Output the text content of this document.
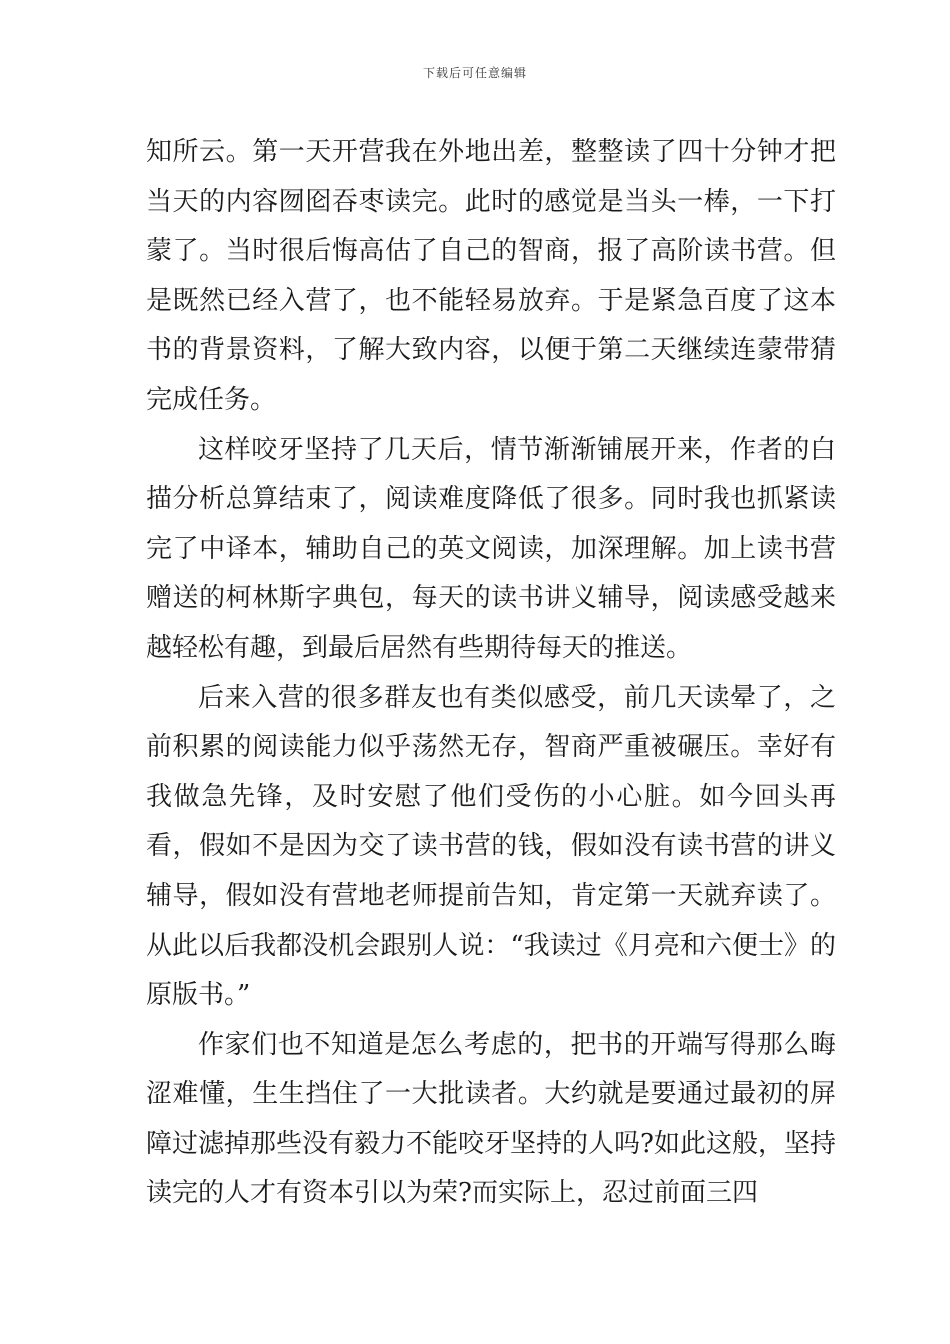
下载后可任意编辑

知所云。第一天开营我在外地出差，整整读了四十分钟才把当天的内容囫囵吞枣读完。此时的感觉是当头一棒，一下打蒙了。当时很后悔高估了自己的智商，报了高阶读书营。但是既然已经入营了，也不能轻易放弃。于是紧急百度了这本书的背景资料，了解大致内容，以便于第二天继续连蒙带猜完成任务。

这样咬牙坚持了几天后，情节渐渐铺展开来，作者的白描分析总算结束了，阅读难度降低了很多。同时我也抓紧读完了中译本，辅助自己的英文阅读，加深理解。加上读书营赠送的柯林斯字典包，每天的读书讲义辅导，阅读感受越来越轻松有趣，到最后居然有些期待每天的推送。

后来入营的很多群友也有类似感受，前几天读晕了，之前积累的阅读能力似乎荡然无存，智商严重被碾压。幸好有我做急先锋，及时安慰了他们受伤的小心脏。如今回头再看，假如不是因为交了读书营的钱，假如没有读书营的讲义辅导，假如没有营地老师提前告知，肯定第一天就弃读了。从此以后我都没机会跟别人说：“我读过《月亮和六便士》的原版书。”

作家们也不知道是怎么考虑的，把书的开端写得那么晦涩难懂，生生挡住了一大批读者。大约就是要通过最初的屏障过滤掉那些没有毅力不能咬牙坚持的人吗?如此这般，坚持读完的人才有资本引以为荣?而实际上，忍过前面三四
